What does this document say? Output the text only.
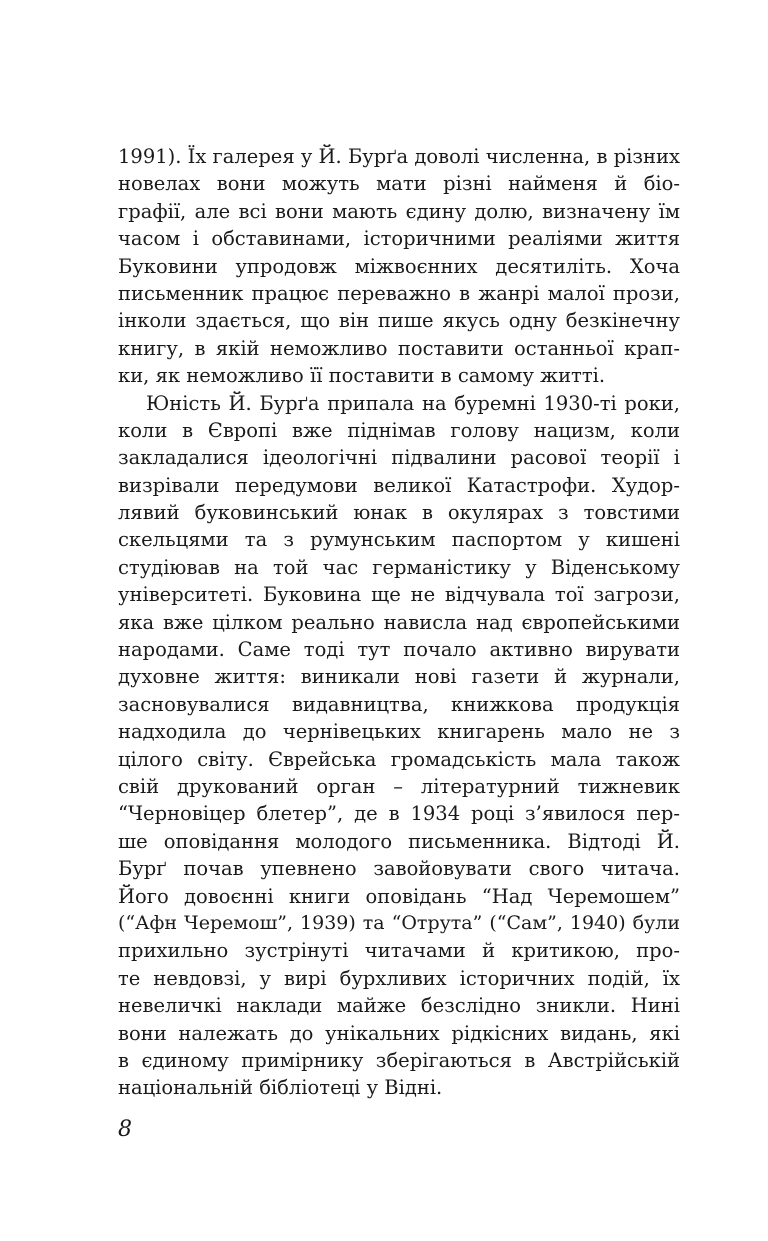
1991). Їх галерея у Й. Бурґа доволі численна, в різних
новелах вони можуть мати різні найменя й біо-
графії, але всі вони мають єдину долю, визначену їм
часом і обставинами, історичними реаліями життя
Буковини упродовж міжвоєнних десятиліть. Хоча
письменник працює переважно в жанрі малої прози,
інколи здається, що він пише якусь одну безкінечну
книгу, в якій неможливо поставити останньої крап-
ки, як неможливо її поставити в самому житті.
Юність Й. Бурґа припала на буремні 1930-ті роки,
коли в Європі вже піднімав голову нацизм, коли
закладалися ідеологічні підвалини расової теорії і
визрівали передумови великої Катастрофи. Худор-
лявий буковинський юнак в окулярах з товстими
скельцями та з румунським паспортом у кишені
студіював на той час германістику у Віденському
університеті. Буковина ще не відчувала тої загрози,
яка вже цілком реально нависла над європейськими
народами. Саме тоді тут почало активно вирувати
духовне життя: виникали нові газети й журнали,
засновувалися видавництва, книжкова продукція
надходила до чернівецьких книгарень мало не з
цілого світу. Єврейська громадськість мала також
свій друкований орган – літературний тижневик
“Черновіцер блетер”, де в 1934 році з’явилося пер-
ше оповідання молодого письменника. Відтоді Й.
Бурґ почав упевнено завойовувати свого читача.
Його довоєнні книги оповідань “Над Черемошем”
(“Афн Черемош”, 1939) та “Отрута” (“Сам”, 1940) були
прихильно зустрінуті читачами й критикою, про-
те невдовзі, у вирі бурхливих історичних подій, їх
невеличкі наклади майже безслідно зникли. Нині
вони належать до унікальних рідкісних видань, які
в єдиному примірнику зберігаються в Австрійській
національній бібліотеці у Відні.
8
